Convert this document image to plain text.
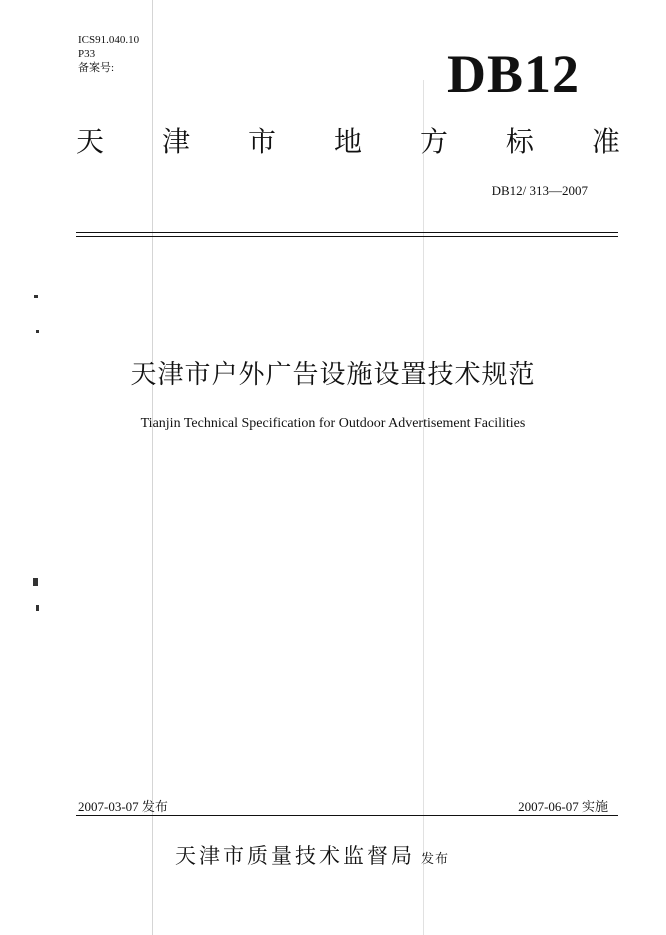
ICS91.040.10
P33
备案号:	DB12
天 津 市 地 方 标 准
DB12/ 313—2007
天津市户外广告设施设置技术规范
Tianjin Technical Specification for Outdoor Advertisement Facilities
2007-03-07 发布	2007-06-07 实施
天津市质量技术监督局 发布
